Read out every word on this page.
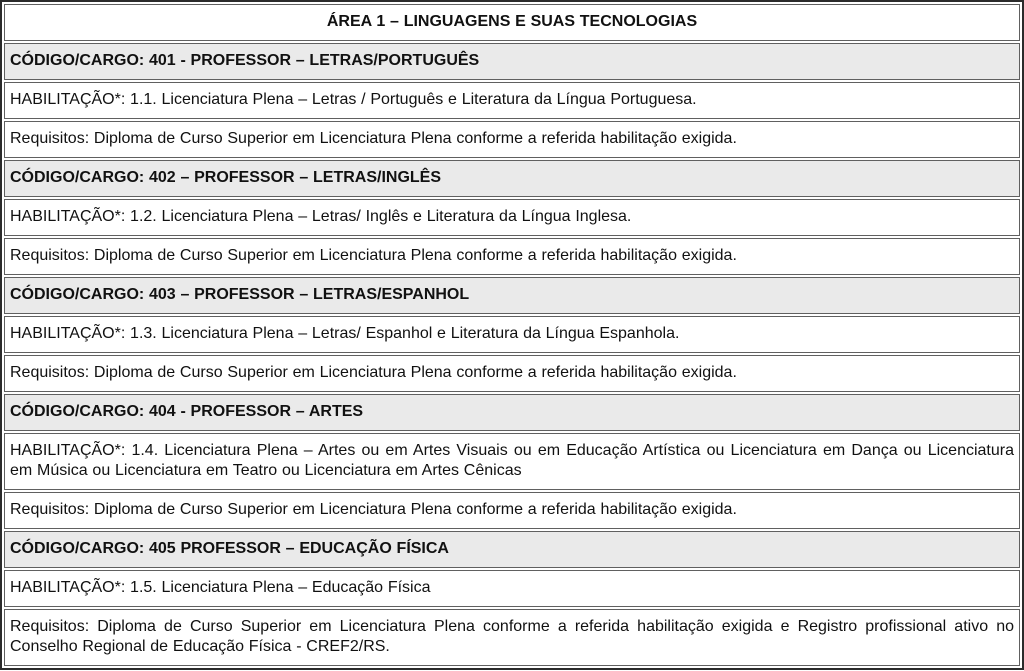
ÁREA 1 – LINGUAGENS E SUAS TECNOLOGIAS
CÓDIGO/CARGO: 401 - PROFESSOR – LETRAS/PORTUGUÊS
HABILITAÇÃO*: 1.1. Licenciatura Plena – Letras / Português e Literatura da Língua Portuguesa.
Requisitos: Diploma de Curso Superior em Licenciatura Plena conforme a referida habilitação exigida.
CÓDIGO/CARGO: 402 – PROFESSOR – LETRAS/INGLÊS
HABILITAÇÃO*: 1.2. Licenciatura Plena – Letras/ Inglês e Literatura da Língua Inglesa.
Requisitos: Diploma de Curso Superior em Licenciatura Plena conforme a referida habilitação exigida.
CÓDIGO/CARGO: 403 – PROFESSOR – LETRAS/ESPANHOL
HABILITAÇÃO*: 1.3. Licenciatura Plena – Letras/ Espanhol e Literatura da Língua Espanhola.
Requisitos: Diploma de Curso Superior em Licenciatura Plena conforme a referida habilitação exigida.
CÓDIGO/CARGO: 404 - PROFESSOR – ARTES
HABILITAÇÃO*: 1.4. Licenciatura Plena – Artes ou em Artes Visuais ou em Educação Artística ou Licenciatura em Dança ou Licenciatura em Música ou Licenciatura em Teatro ou Licenciatura em Artes Cênicas
Requisitos: Diploma de Curso Superior em Licenciatura Plena conforme a referida habilitação exigida.
CÓDIGO/CARGO: 405 PROFESSOR – EDUCAÇÃO FÍSICA
HABILITAÇÃO*: 1.5. Licenciatura Plena – Educação Física
Requisitos: Diploma de Curso Superior em Licenciatura Plena conforme a referida habilitação exigida e Registro profissional ativo no Conselho Regional de Educação Física - CREF2/RS.
